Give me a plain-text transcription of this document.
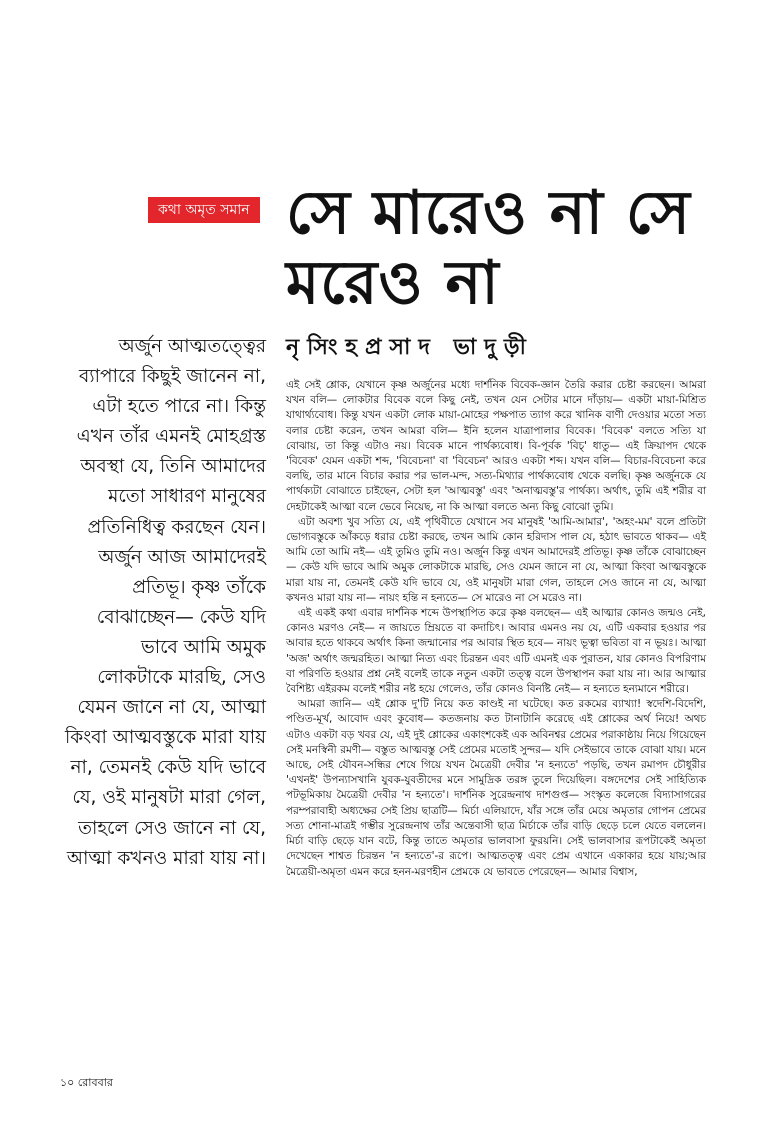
কথা অমৃত সমান সে মারেও না সে
মরেও না
নৃসিংহপ্রসাদ ভাদুড়ী
অর্জুন আত্মতত্ত্বের ব্যাপারে কিছুই জানেন না, এটা হতে পারে না। কিন্তু এখন তাঁর এমনই মোহগ্রস্ত অবস্থা যে, তিনি আমাদের মতো সাধারণ মানুষের প্রতিনিধিত্ব করছেন যেন। অর্জুন আজ আমাদেরই প্রতিভূ। কৃষ্ণ তাঁকে বোঝাচ্ছেন— কেউ যদি ভাবে আমি অমুক লোকটাকে মারছি, সেও যেমন জানে না যে, আত্মা কিংবা আত্মবস্তুকে মারা যায় না, তেমনই কেউ যদি ভাবে যে, ওই মানুষটা মারা গেল, তাহলে সেও জানে না যে, আত্মা কখনও মারা যায় না।

এই সেই শ্লোক, যেখানে কৃষ্ণ অর্জুনের মধ্যে দার্শনিক বিবেক-জ্ঞান তৈরি করার চেষ্টা করছেন। আমরা যখন বলি— লোকটার বিবেক বলে কিছু নেই, তখন যেন সেটার মানে দাঁড়ায়— একটা মায়া-মিশ্রিত যাথার্থ্যবোধ। কিন্তু যখন একটা লোক মায়া-মোহের পক্ষপাত ত্যাগ করে খানিক বাণী দেওয়ার মতো সত্য বলার চেষ্টা করেন, তখন আমরা বলি— ইনি হলেন যাত্রাপালার বিবেক। 'বিবেক' বলতে সত্যি যা বোঝায়, তা কিন্তু এটাও নয়। বিবেক মানে পার্থক্যবোধ। বি-পূর্বক 'বিচ্' ধাতু— এই ক্রিয়াপদ থেকে 'বিবেক' যেমন একটা শব্দ, 'বিবেচনা' বা 'বিবেচন' আরও একটা শব্দ। যখন বলি— বিচার-বিবেচনা করে বলছি, তার মানে বিচার করার পর ভাল-মন্দ, সত্য-মিথ্যার পার্থক্যবোধ থেকে বলছি। কৃষ্ণ অর্জুনকে যে পার্থক্যটা বোঝাতে চাইছেন, সেটা হল 'আত্মবস্তু' এবং 'অনাত্মবস্তু'র পার্থক্য। অর্থাৎ, তুমি এই শরীর বা দেহটাকেই আত্মা বলে ভেবে নিয়েছ, না কি আত্মা বলতে অন্য কিছু বোঝো তুমি।

এটা অবশ্য খুব সত্যি যে, এই পৃথিবীতে যেখানে সব মানুষই 'আমি-আমার', 'অহং-মম' বলে প্রতিটা ভোগ্যবস্তুকে আঁকড়ে ধরার চেষ্টা করছে, তখন আমি কোন হরিদাস পাল যে, হঠাৎ ভাবতে থাকব— এই আমি তো আমি নই— এই তুমিও তুমি নও। অর্জুন কিন্তু এখন আমাদেরই প্রতিভূ। কৃষ্ণ তাঁকে বোঝাচ্ছেন— কেউ যদি ভাবে আমি অমুক লোকটাকে মারছি, সেও যেমন জানে না যে, আত্মা কিংবা আত্মবস্তুকে মারা যায় না, তেমনই কেউ যদি ভাবে যে, ওই মানুষটা মারা গেল, তাহলে সেও জানে না যে, আত্মা কখনও মারা যায় না— নায়ং হন্তি ন হন্যতে— সে মারেও না সে মরেও না।

এই একই কথা এবার দার্শনিক শব্দে উপস্থাপিত করে কৃষ্ণ বলছেন— এই আত্মার কোনও জন্মও নেই, কোনও মরণও নেই— ন জায়তে ম্রিয়তে বা কদাচিৎ। আবার এমনও নয় যে, এটি একবার হওয়ার পর আবার হতে থাকবে অর্থাৎ কিনা জন্মানোর পর আবার স্থিত হবে— নায়ং ভূত্বা ভবিতা বা ন ভূয়ঃ। আত্মা 'অজ' অর্থাৎ জন্মরহিত। আত্মা নিত্য এবং চিরন্তন এবং এটি এমনই এক পুরাতন, যার কোনও বিপরিণাম বা পরিণতি হওয়ার প্রশ্ন নেই বলেই তাকে নতুন একটা তত্ত্ব বলে উপস্থাপন করা যায় না। আর আত্মার বৈশিষ্ট্য এইরকম বলেই শরীর নষ্ট হয়ে গেলেও, তাঁর কোনও বিনষ্টি নেই— ন হন্যতে হন্যমানে শরীরে।

আমরা জানি— এই শ্লোক দু'টি নিয়ে কত কাণ্ডই না ঘটেছে। কত রকমের ব্যাখ্যা! স্বদেশি-বিদেশি, পণ্ডিত-মূর্খ, আবোদ এবং কুবোধ— কতজনায় কত টানাটানি করেছে এই শ্লোকের অর্থ নিয়ে! অথচ এটাও একটা বড় খবর যে, এই দুই শ্লোকের একাংশকেই এক অবিনশ্বর প্রেমের পরাকাষ্ঠায় নিয়ে গিয়েছেন সেই মনস্বিনী রমণী— বস্তুত আত্মবস্তু সেই প্রেমের মতোই সুন্দর— যদি সেইভাবে তাকে বোঝা যায়। মনে আছে, সেই যৌবন-সন্ধির শেষে গিয়ে যখন মৈত্রেয়ী দেবীর 'ন হন্যতে' পড়ছি, তখন রমাপদ চৌধুরীর 'এখনই' উপন্যাসখানি যুবক-যুবতীদের মনে সামুদ্রিক তরঙ্গ তুলে দিয়েছিল। বঙ্গদেশের সেই সাহিত্যিক পটভূমিকায় মৈত্রেয়ী দেবীর 'ন হন্যতে'। দার্শনিক সুরেন্দ্রনাথ দাশগুপ্ত— সংস্কৃত কলেজে বিদ্যাসাগরের পরম্পরাবাহী অধ্যক্ষের সেই প্রিয় ছাত্রটি— মির্চা এলিয়াদে, যাঁর সঙ্গে তাঁর মেয়ে অমৃতার গোপন প্রেমের সত্য শোনা-মাত্রই গম্ভীর সুরেন্দ্রনাথ তাঁর অন্তেবাসী ছাত্র মির্চাকে তাঁর বাড়ি ছেড়ে চলে যেতে বললেন। মির্চা বাড়ি ছেড়ে যান বটে, কিন্তু তাতে অমৃতার ভালবাসা ফুরয়নি। সেই ভালবাসার রূপটাকেই অমৃতা দেখেছেন শাশ্বত চিরন্তন 'ন হন্যতে'-র রূপে। আত্মতত্ত্ব এবং প্রেম এখানে একাকার হয়ে যায়;আর মৈত্রেয়ী-অমৃতা এমন করে হনন-মরণহীন প্রেমকে যে ভাবতে পেরেছেন— আমার বিশ্বাস,

১০ রোববার
